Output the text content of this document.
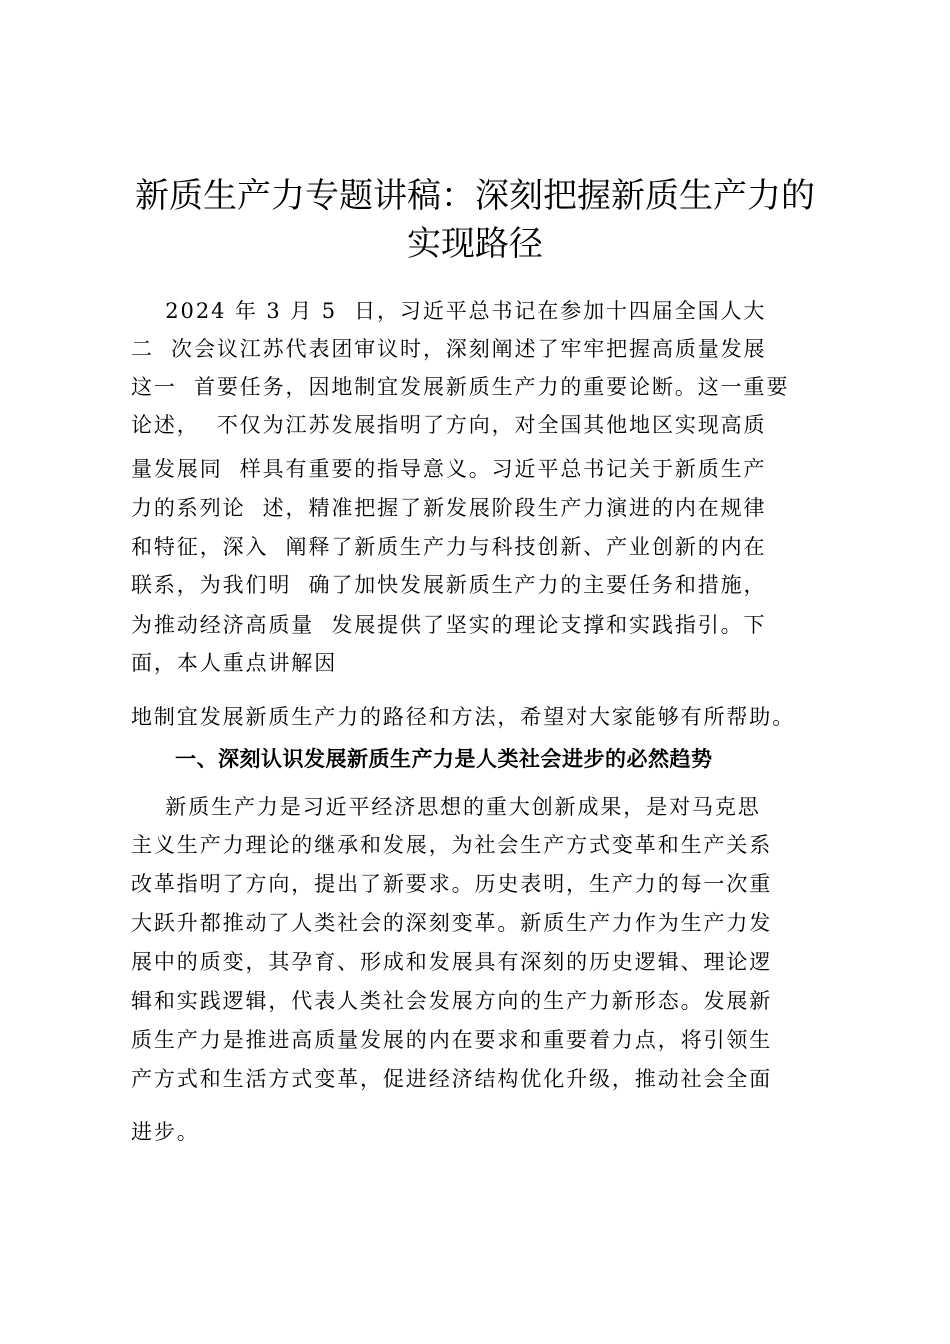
新质生产力专题讲稿：深刻把握新质生产力的
实现路径
2024 年 3 月 5  日，习近平总书记在参加十四届全国人大
二  次会议江苏代表团审议时，深刻阐述了牢牢把握高质量发展
这一  首要任务，因地制宜发展新质生产力的重要论断。这一重要
论述，  不仅为江苏发展指明了方向，对全国其他地区实现高质
量发展同  样具有重要的指导意义。习近平总书记关于新质生产
力的系列论  述，精准把握了新发展阶段生产力演进的内在规律
和特征，深入  阐释了新质生产力与科技创新、产业创新的内在
联系，为我们明  确了加快发展新质生产力的主要任务和措施，
为推动经济高质量  发展提供了坚实的理论支撑和实践指引。下
面，本人重点讲解因
地制宜发展新质生产力的路径和方法，希望对大家能够有所帮助。
一、深刻认识发展新质生产力是人类社会进步的必然趋势
新质生产力是习近平经济思想的重大创新成果，是对马克思
主义生产力理论的继承和发展，为社会生产方式变革和生产关系
改革指明了方向，提出了新要求。历史表明，生产力的每一次重
大跃升都推动了人类社会的深刻变革。新质生产力作为生产力发
展中的质变，其孕育、形成和发展具有深刻的历史逻辑、理论逻
辑和实践逻辑，代表人类社会发展方向的生产力新形态。发展新
质生产力是推进高质量发展的内在要求和重要着力点，将引领生
产方式和生活方式变革，促进经济结构优化升级，推动社会全面
进步。
